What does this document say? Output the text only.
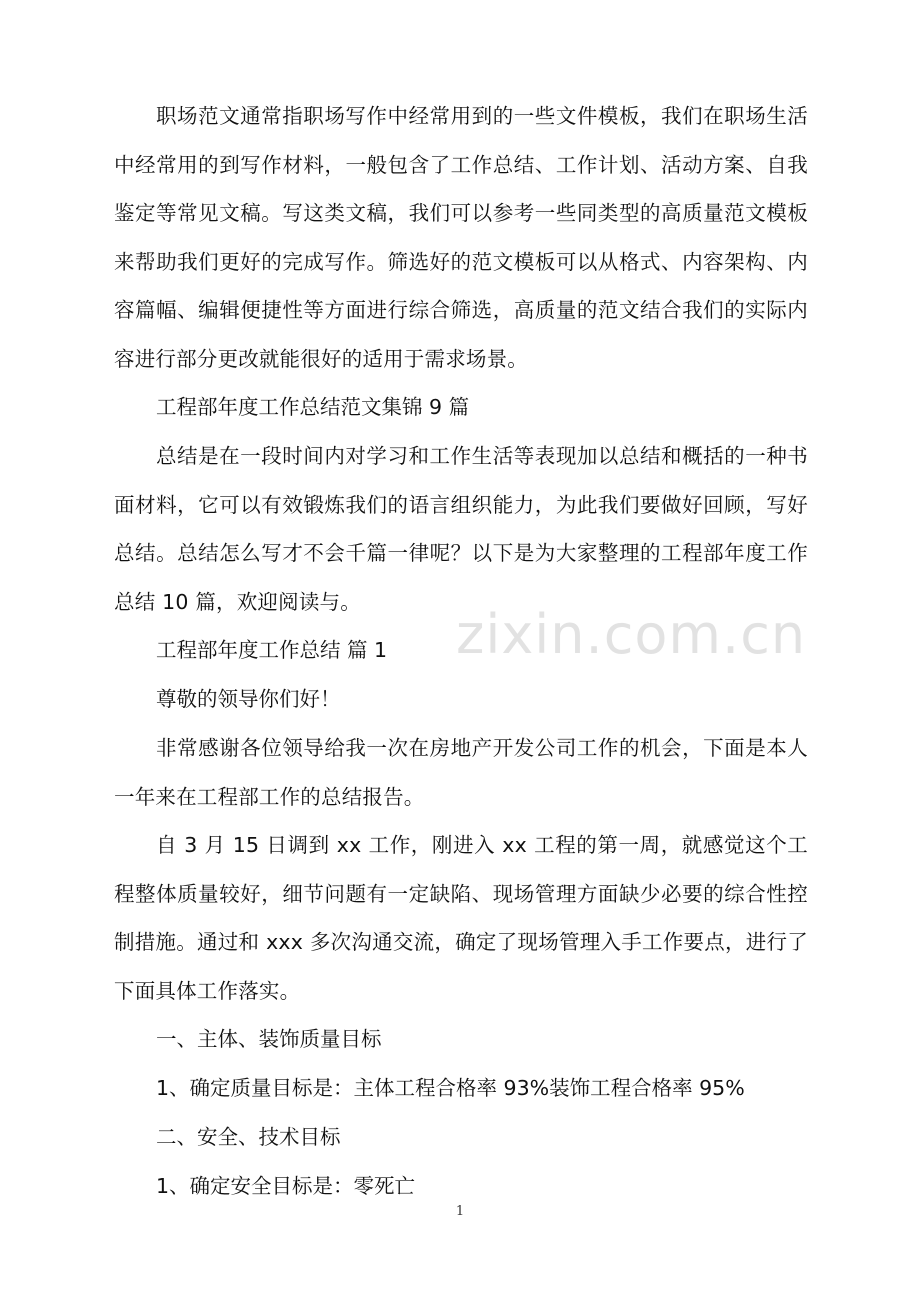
职场范文通常指职场写作中经常用到的一些文件模板，我们在职场生活中经常用的到写作材料，一般包含了工作总结、工作计划、活动方案、自我鉴定等常见文稿。写这类文稿，我们可以参考一些同类型的高质量范文模板来帮助我们更好的完成写作。筛选好的范文模板可以从格式、内容架构、内容篇幅、编辑便捷性等方面进行综合筛选，高质量的范文结合我们的实际内容进行部分更改就能很好的适用于需求场景。

工程部年度工作总结范文集锦 9 篇

总结是在一段时间内对学习和工作生活等表现加以总结和概括的一种书面材料，它可以有效锻炼我们的语言组织能力，为此我们要做好回顾，写好总结。总结怎么写才不会千篇一律呢？以下是为大家整理的工程部年度工作总结 10 篇，欢迎阅读与。

工程部年度工作总结 篇 1

尊敬的领导你们好！

非常感谢各位领导给我一次在房地产开发公司工作的机会，下面是本人一年来在工程部工作的总结报告。

自 3 月 15 日调到 xx 工作，刚进入 xx 工程的第一周，就感觉这个工程整体质量较好，细节问题有一定缺陷、现场管理方面缺少必要的综合性控制措施。通过和 xxx 多次沟通交流，确定了现场管理入手工作要点，进行了下面具体工作落实。

一、主体、装饰质量目标

1、确定质量目标是：主体工程合格率 93%装饰工程合格率 95%

二、安全、技术目标

1、确定安全目标是：零死亡

zixin.com.cn
1
